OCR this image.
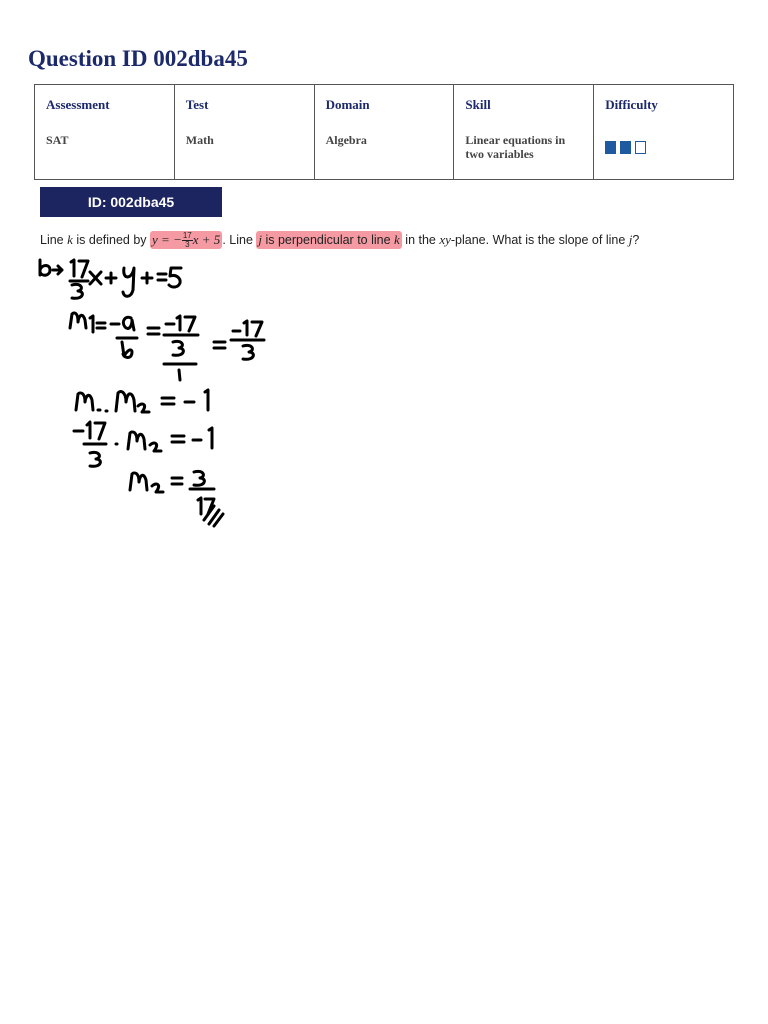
Question ID 002dba45
Assessment	Test	Domain	Skill	Difficulty

SAT	Math	Algebra	Linear equations in two variables	

ID: 002dba45
Line k is defined by y = − $\frac{17}{3}$ x + 5 . Line j is perpendicular to line k in the xy-plane. What is the slope of line j?
